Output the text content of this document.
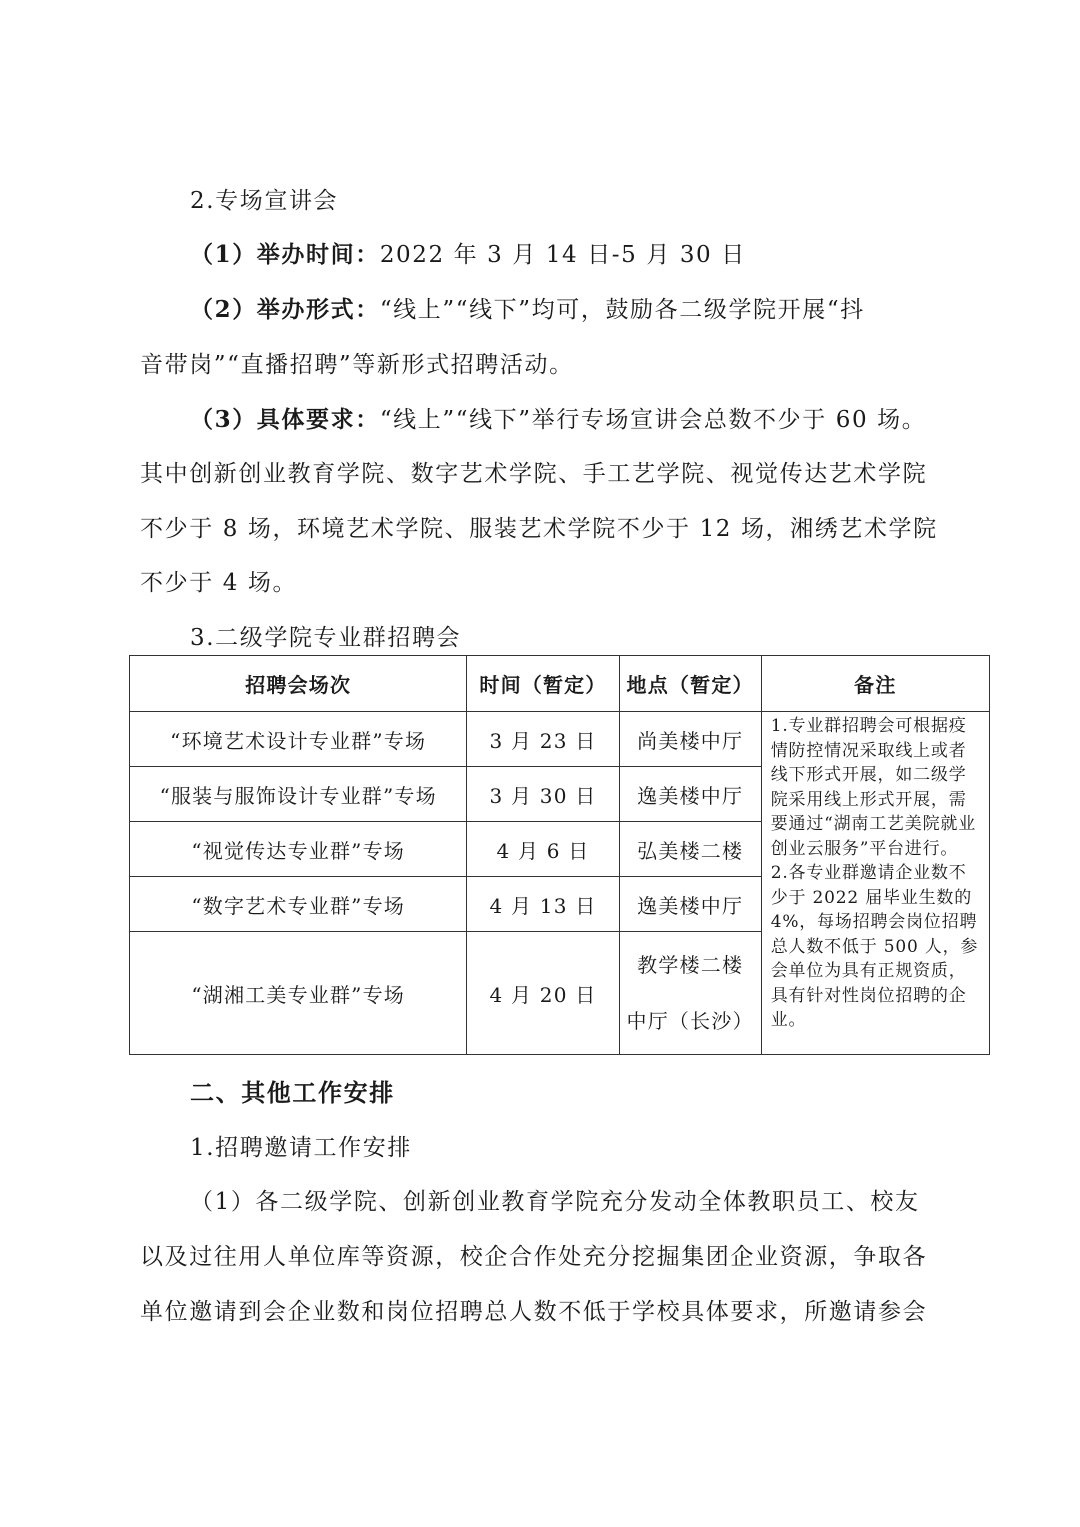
2.专场宣讲会
（1）举办时间：2022 年 3 月 14 日-5 月 30 日
（2）举办形式：“线上”“线下”均可，鼓励各二级学院开展“抖
音带岗”“直播招聘”等新形式招聘活动。
（3）具体要求：“线上”“线下”举行专场宣讲会总数不少于 60 场。
其中创新创业教育学院、数字艺术学院、手工艺学院、视觉传达艺术学院
不少于 8 场，环境艺术学院、服装艺术学院不少于 12 场，湘绣艺术学院
不少于 4 场。
3.二级学院专业群招聘会
招聘会场次	时间（暂定）	地点（暂定）	备注
“环境艺术设计专业群”专场	3 月 23 日	尚美楼中厅	1.专业群招聘会可根据疫情防控情况采取线上或者线下形式开展，如二级学院采用线上形式开展，需要通过“湖南工艺美院就业创业云服务”平台进行。

2.各专业群邀请企业数不少于 2022 届毕业生数的 4%，每场招聘会岗位招聘总人数不低于 500 人，参会单位为具有正规资质，具有针对性岗位招聘的企业。

“服装与服饰设计专业群”专场	3 月 30 日	逸美楼中厅	
“视觉传达专业群”专场	4 月 6 日	弘美楼二楼	
“数字艺术专业群”专场	4 月 13 日	逸美楼中厅	
“湖湘工美专业群”专场	4 月 20 日	教学楼二楼
中厅（长沙）	
二、其他工作安排
1.招聘邀请工作安排
（1）各二级学院、创新创业教育学院充分发动全体教职员工、校友
以及过往用人单位库等资源，校企合作处充分挖掘集团企业资源，争取各
单位邀请到会企业数和岗位招聘总人数不低于学校具体要求，所邀请参会
